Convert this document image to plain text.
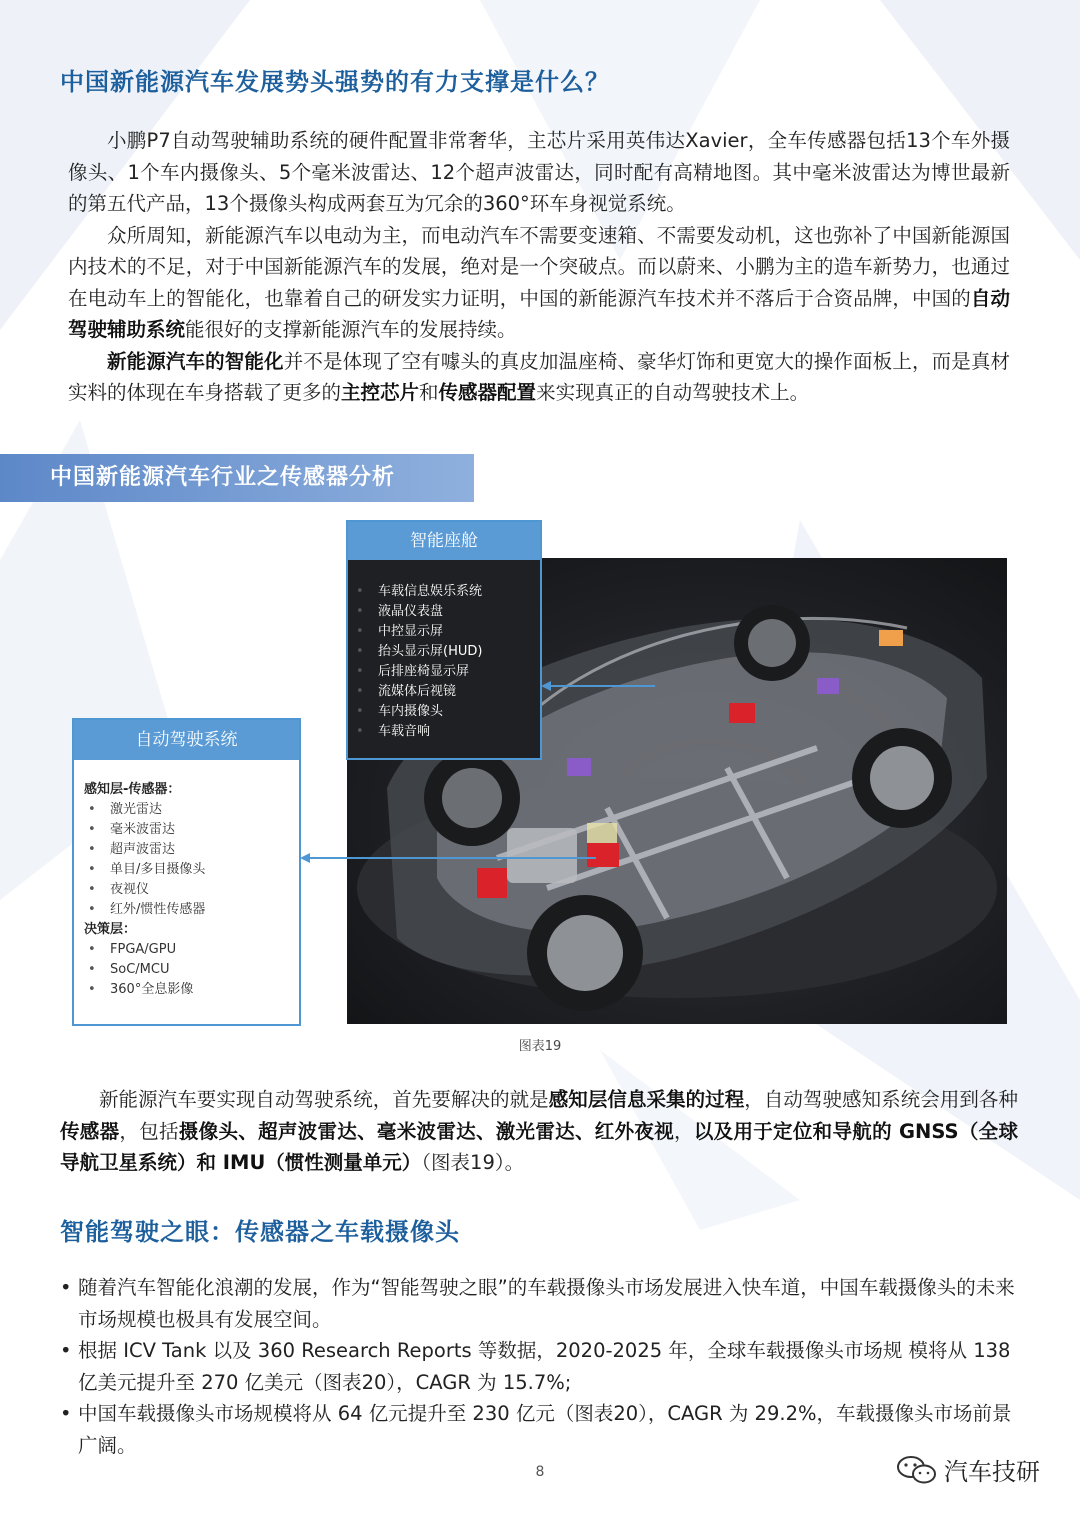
中国新能源汽车发展势头强势的有力支撑是什么？

小鹏P7自动驾驶辅助系统的硬件配置非常奢华，主芯片采用英伟达Xavier，全车传感器包括13个车外摄像头、1个车内摄像头、5个毫米波雷达、12个超声波雷达，同时配有高精地图。其中毫米波雷达为博世最新的第五代产品，13个摄像头构成两套互为冗余的360°环车身视觉系统。

众所周知，新能源汽车以电动为主，而电动汽车不需要变速箱、不需要发动机，这也弥补了中国新能源国内技术的不足，对于中国新能源汽车的发展，绝对是一个突破点。而以蔚来、小鹏为主的造车新势力，也通过在电动车上的智能化，也靠着自己的研发实力证明，中国的新能源汽车技术并不落后于合资品牌，中国的自动驾驶辅助系统能很好的支撑新能源汽车的发展持续。

新能源汽车的智能化并不是体现了空有噱头的真皮加温座椅、豪华灯饰和更宽大的操作面板上，而是真材实料的体现在车身搭载了更多的主控芯片和传感器配置来实现真正的自动驾驶技术上。

中国新能源汽车行业之传感器分析
智能座舱
• 车载信息娱乐系统
• 液晶仪表盘
• 中控显示屏
• 抬头显示屏(HUD)
• 后排座椅显示屏
• 流媒体后视镜
• 车内摄像头
• 车载音响
自动驾驶系统
感知层-传感器：
• 激光雷达
• 毫米波雷达
• 超声波雷达
• 单目/多目摄像头
• 夜视仪
• 红外/惯性传感器
决策层：
• FPGA/GPU
• SoC/MCU
• 360°全息影像
图表19

新能源汽车要实现自动驾驶系统，首先要解决的就是感知层信息采集的过程，自动驾驶感知系统会用到各种传感器，包括摄像头、超声波雷达、毫米波雷达、激光雷达、红外夜视，以及用于定位和导航的 GNSS（全球导航卫星系统）和 IMU（惯性测量单元）（图表19）。

智能驾驶之眼：传感器之车载摄像头
• 随着汽车智能化浪潮的发展，作为“智能驾驶之眼”的车载摄像头市场发展进入快车道，中国车载摄像头的未来市场规模也极具有发展空间。
• 根据 ICV Tank 以及 360 Research Reports 等数据，2020-2025 年，全球车载摄像头市场规 模将从 138 亿美元提升至 270 亿美元（图表20），CAGR 为 15.7%;
• 中国车载摄像头市场规模将从 64 亿元提升至 230 亿元（图表20），CAGR 为 29.2%，车载摄像头市场前景广阔。
8	汽车技研
